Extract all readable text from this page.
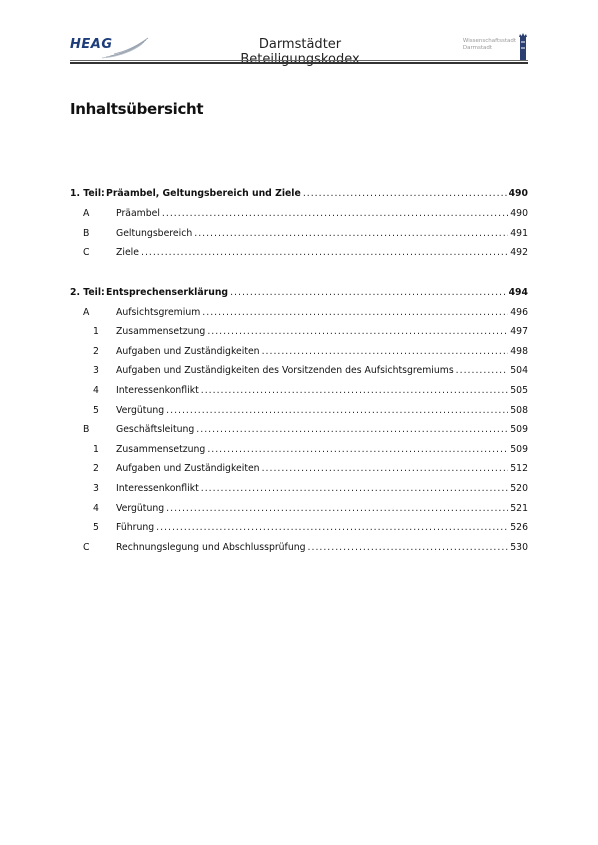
HEAG	Darmstädter	Wissenschaftsstadt
Darmstadt
Inhaltsübersicht
1. Teil: Präambel, Geltungsbereich und Ziele .....	490
A	Präambel .....	490
B	Geltungsbereich .....	491
C	Ziele .....	492
2. Teil: Entsprechenserklärung .....	494
A	Aufsichtsgremium .....	496
1	Zusammensetzung .....	497
2	Aufgaben und Zuständigkeiten .....	498
3	Aufgaben und Zuständigkeiten des Vorsitzenden des Aufsichtsgremiums .....	504
4	Interessenkonflikt .....	505
5	Vergütung .....	508
B	Geschäftsleitung .....	509
1	Zusammensetzung .....	509
2	Aufgaben und Zuständigkeiten .....	512
3	Interessenkonflikt .....	520
4	Vergütung .....	521
5	Führung .....	526
C	Rechnungslegung und Abschlussprüfung .....	530
